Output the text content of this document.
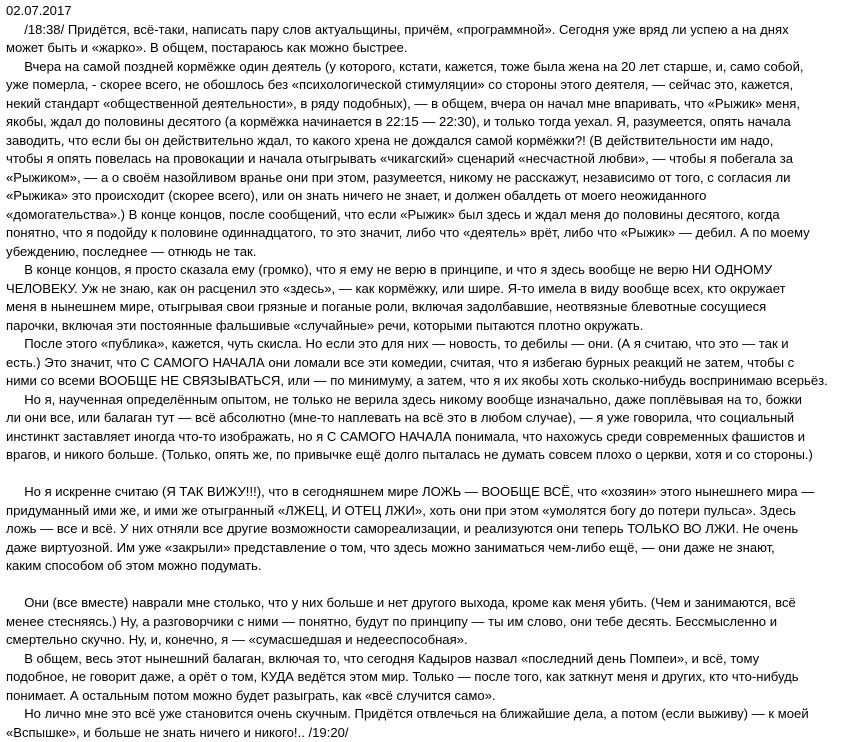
02.07.2017
/18:38/ Придётся, всё-таки, написать пару слов актуальщины, причём, «программной». Сегодня уже вряд ли успею а на днях
может быть и «жарко». В общем, постараюсь как можно быстрее.
Вчера на самой поздней кормёжке один деятель (у которого, кстати, кажется, тоже была жена на 20 лет старше, и, само собой,
уже померла, - скорее всего, не обошлось без «психологической стимуляции» со стороны этого деятеля, — сейчас это, кажется,
некий стандарт «общественной деятельности», в ряду подобных), — в общем, вчера он начал мне впаривать, что «Рыжик» меня,
якобы, ждал до половины десятого (а кормёжка начинается в 22:15 — 22:30), и только тогда уехал. Я, разумеется, опять начала
заводить, что если бы он действительно ждал, то какого хрена не дождался самой кормёжки?! (В действительности им надо,
чтобы я опять повелась на провокации и начала отыгрывать «чикагский» сценарий «несчастной любви», — чтобы я побегала за
«Рыжиком», — а о своём назойливом вранье они при этом, разумеется, никому не расскажут, независимо от того, с согласия ли
«Рыжика» это происходит (скорее всего), или он знать ничего не знает, и должен обалдеть от моего неожиданного
«домогательства».) В конце концов, после сообщений, что если «Рыжик» был здесь и ждал меня до половины десятого, когда
понятно, что я подойду к половине одиннадцатого, то это значит, либо что «деятель» врёт, либо что «Рыжик» — дебил. А по моему
убеждению, последнее — отнюдь не так.
В конце концов, я просто сказала ему (громко), что я ему не верю в принципе, и что я здесь вообще не верю НИ ОДНОМУ
ЧЕЛОВЕКУ. Уж не знаю, как он расценил это «здесь», — как кормёжку, или шире. Я-то имела в виду вообще всех, кто окружает
меня в нынешнем мире, отыгрывая свои грязные и поганые роли, включая задолбавшие, неотвязные блевотные сосущиеся
парочки, включая эти постоянные фальшивые «случайные» речи, которыми пытаются плотно окружать.
После этого «публика», кажется, чуть скисла. Но если это для них — новость, то дебилы — они. (А я считаю, что это — так и
есть.) Это значит, что С САМОГО НАЧАЛА они ломали все эти комедии, считая, что я избегаю бурных реакций не затем, чтобы с
ними со всеми ВООБЩЕ НЕ СВЯЗЫВАТЬСЯ, или — по минимуму, а затем, что я их якобы хоть сколько-нибудь воспринимаю всерьёз.
Но я, наученная определённым опытом, не только не верила здесь никому вообще изначально, даже поплёвывая на то, божки
ли они все, или балаган тут — всё абсолютно (мне-то наплевать на всё это в любом случае), — я уже говорила, что социальный
инстинкт заставляет иногда что-то изображать, но я С САМОГО НАЧАЛА понимала, что нахожусь среди современных фашистов и
врагов, и никого больше. (Только, опять же, по привычке ещё долго пыталась не думать совсем плохо о церкви, хотя и со стороны.)
Но я искренне считаю (Я ТАК ВИЖУ!!!), что в сегодняшнем мире ЛОЖЬ — ВООБЩЕ ВСЁ, что «хозяин» этого нынешнего мира —
придуманный ими же, и ими же отыгранный «ЛЖЕЦ, И ОТЕЦ ЛЖИ», хоть они при этом «умолятся богу до потери пульса». Здесь
ложь — все и всё. У них отняли все другие возможности самореализации, и реализуются они теперь ТОЛЬКО ВО ЛЖИ. Не очень
даже виртуозной. Им уже «закрыли» представление о том, что здесь можно заниматься чем-либо ещё, — они даже не знают,
каким способом об этом можно подумать.
Они (все вместе) наврали мне столько, что у них больше и нет другого выхода, кроме как меня убить. (Чем и занимаются, всё
менее стесняясь.) Ну, а разговорчики с ними — понятно, будут по принципу — ты им слово, они тебе десять. Бессмысленно и
смертельно скучно. Ну, и, конечно, я — «сумасшедшая и недееспособная».
В общем, весь этот нынешний балаган, включая то, что сегодня Кадыров назвал «последний день Помпеи», и всё, тому
подобное, не говорит даже, а орёт о том, КУДА ведётся этом мир. Только — после того, как заткнут меня и других, кто что-нибудь
понимает. А остальным потом можно будет разыграть, как «всё случится само».
Но лично мне это всё уже становится очень скучным. Придётся отвлечься на ближайшие дела, а потом (если выживу) — к моей
«Вспышке», и больше не знать ничего и никого!.. /19:20/
